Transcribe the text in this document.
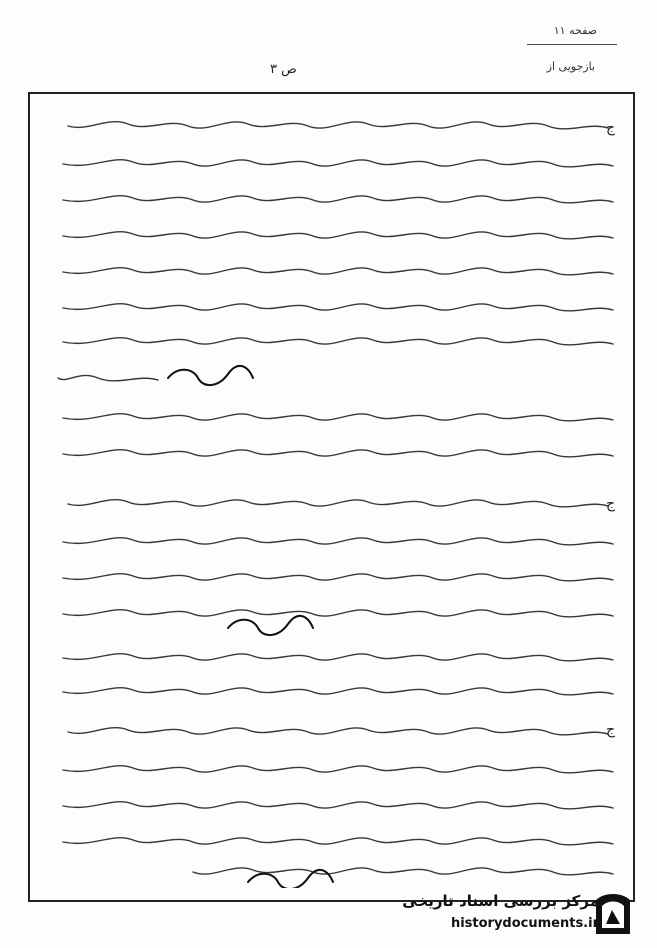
صفحه ۱۱
بازجویی از
ص ۳
ج
ج
ج
مرکز بررسی اسناد تاریخی
historydocuments.ir
